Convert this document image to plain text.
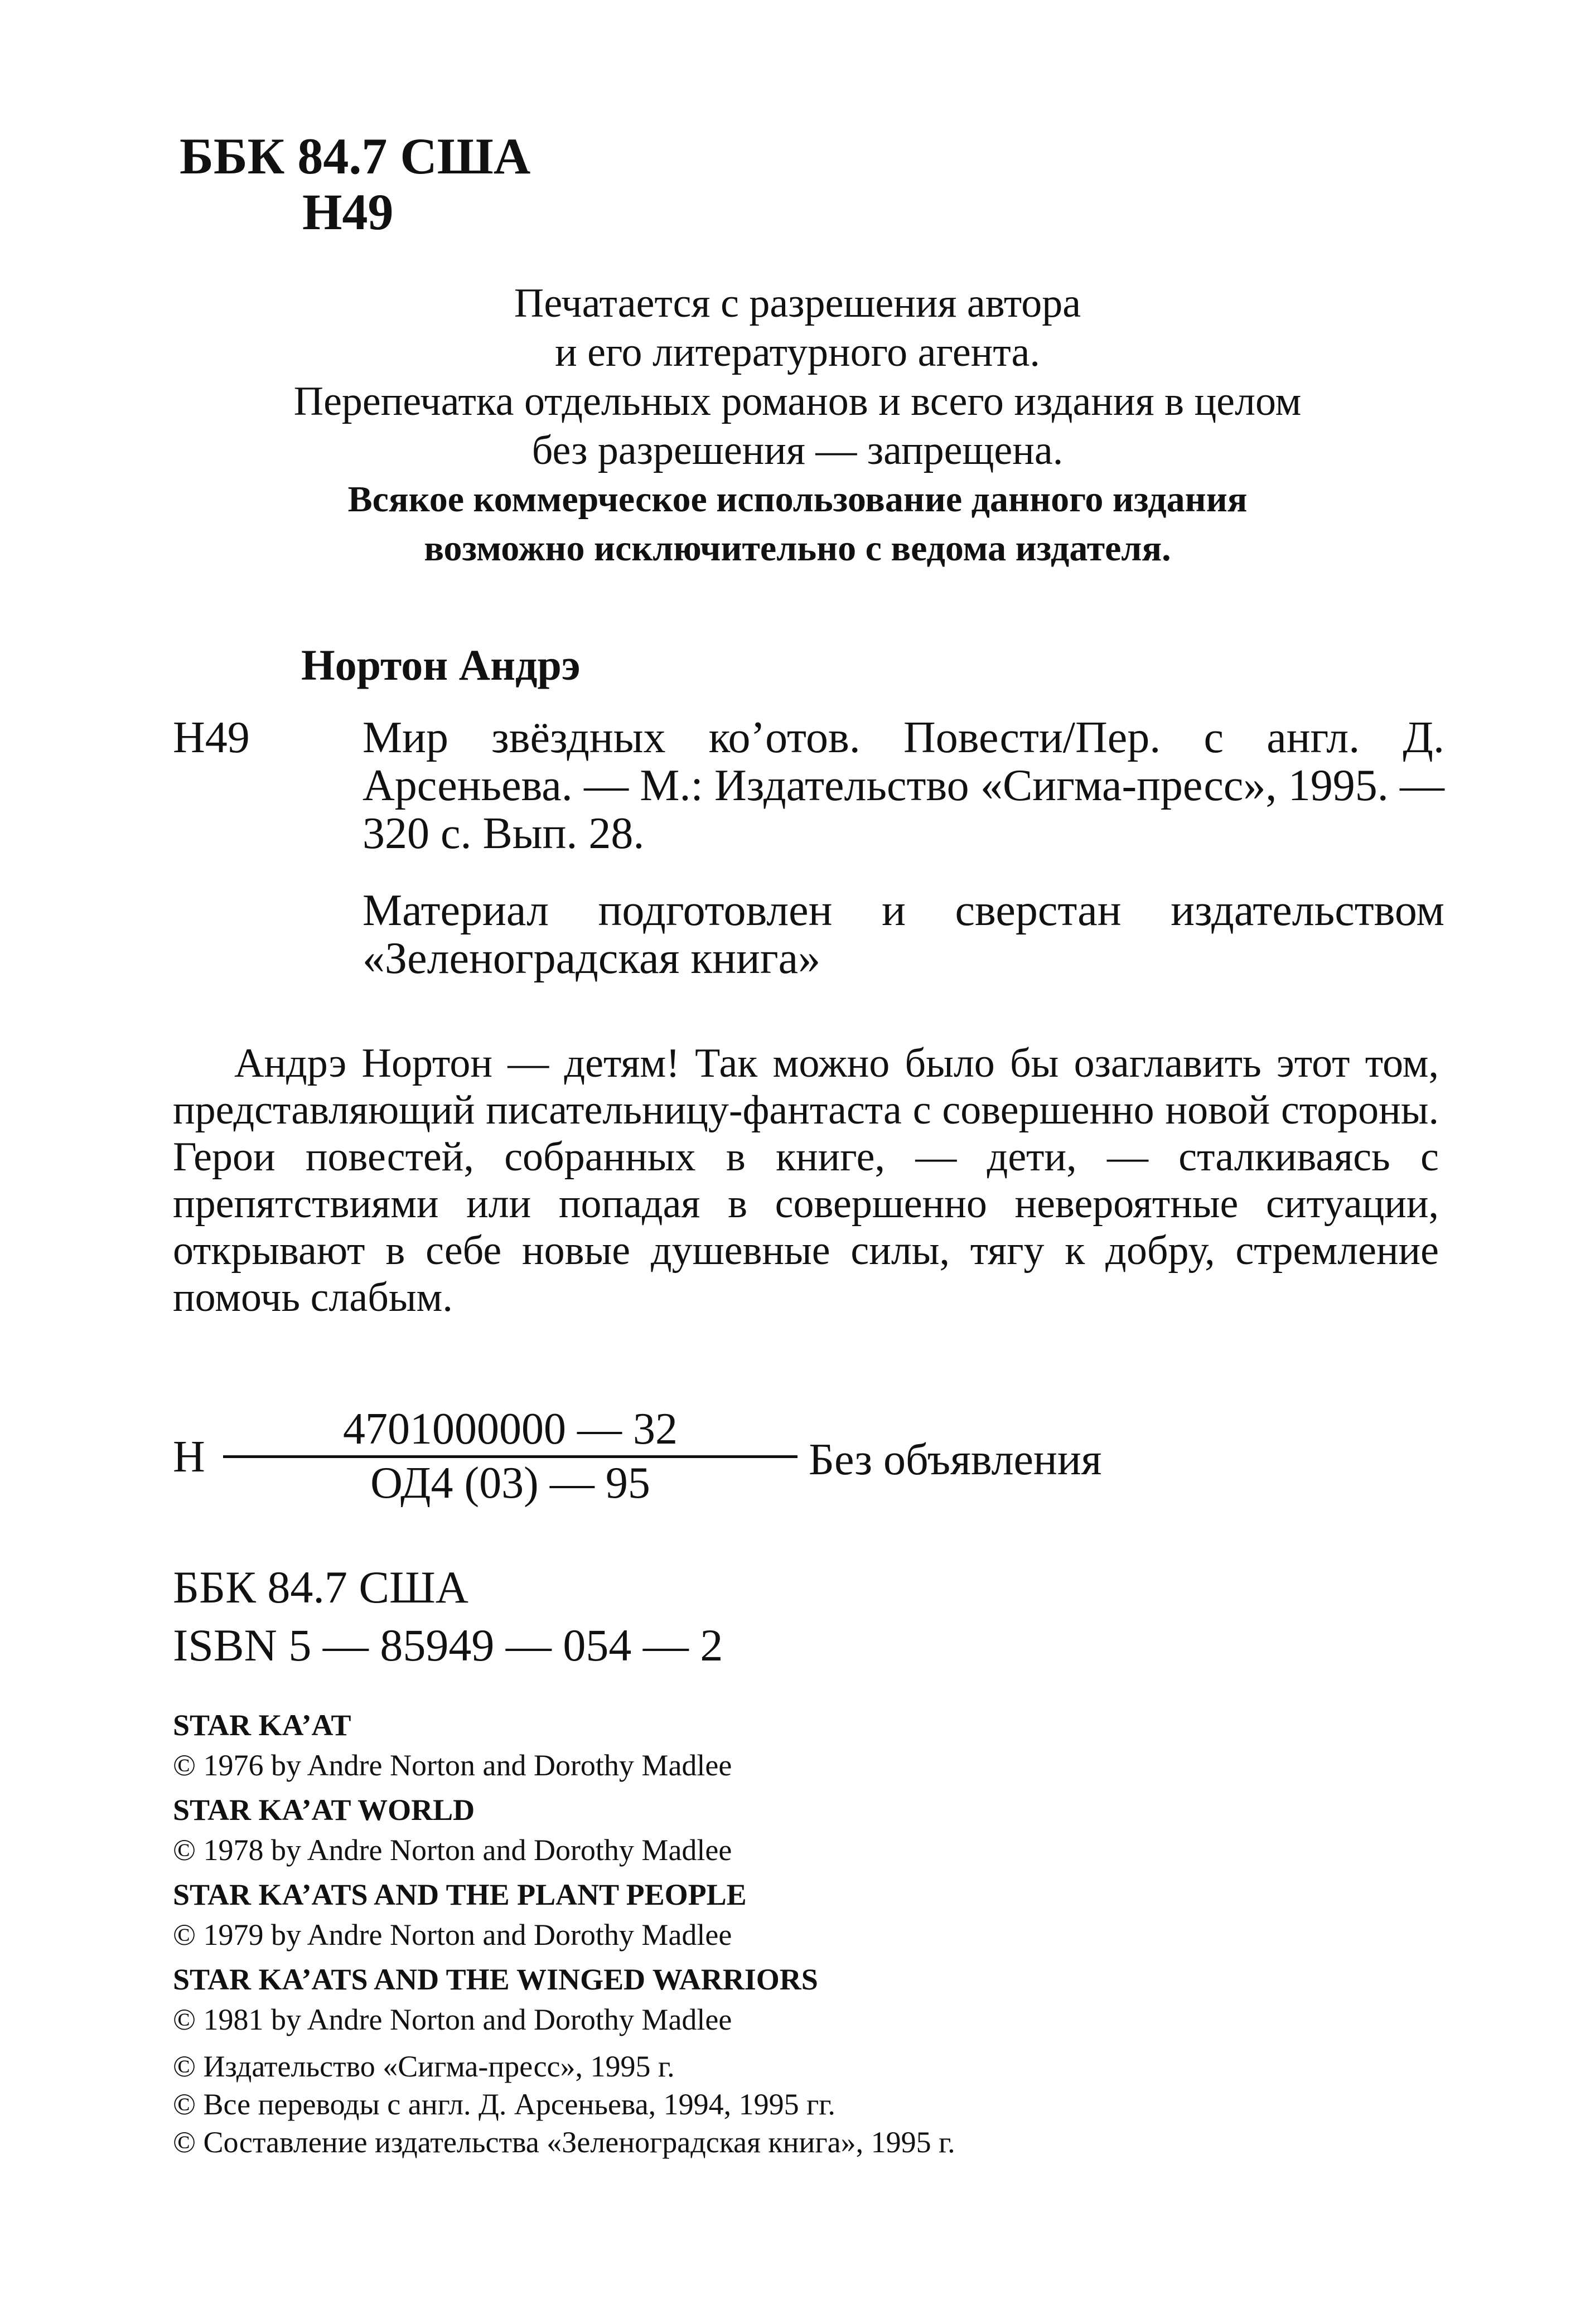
ББК 84.7 США
Н49
Печатается с разрешения автора
и его литературного агента.
Перепечатка отдельных романов и всего издания в целом
без разрешения — запрещена.
Всякое коммерческое использование данного издания
возможно исключительно с ведома издателя.
Нортон Андрэ
Н49	Мир звёздных ко’отов. Повести/Пер. с англ. Д. Арсеньева. — М.: Издательство «Сигма-пресс», 1995. — 320 с. Вып. 28.
Материал подготовлен и сверстан издательством «Зеленоградская книга»
Андрэ Нортон — детям! Так можно было бы озаглавить этот том, представляющий писательницу-фантаста с совершенно новой стороны. Герои повестей, собранных в книге, — дети, — сталкиваясь с препятствиями или попадая в совершенно невероятные ситуации, открывают в себе новые душевные силы, тягу к добру, стремление помочь слабым.
Н
4701000000 — 32
ОД4 (03) — 95	Без объявления
ББК 84.7 США
ISBN 5 — 85949 — 054 — 2
STAR KA’AT
© 1976 by Andre Norton and Dorothy Madlee
STAR KA’AT WORLD
© 1978 by Andre Norton and Dorothy Madlee
STAR KA’ATS AND THE PLANT PEOPLE
© 1979 by Andre Norton and Dorothy Madlee
STAR KA’ATS AND THE WINGED WARRIORS
© 1981 by Andre Norton and Dorothy Madlee
© Издательство «Сигма-пресс», 1995 г.
© Все переводы с англ. Д. Арсеньева, 1994, 1995 гг.
© Составление издательства «Зеленоградская книга», 1995 г.
